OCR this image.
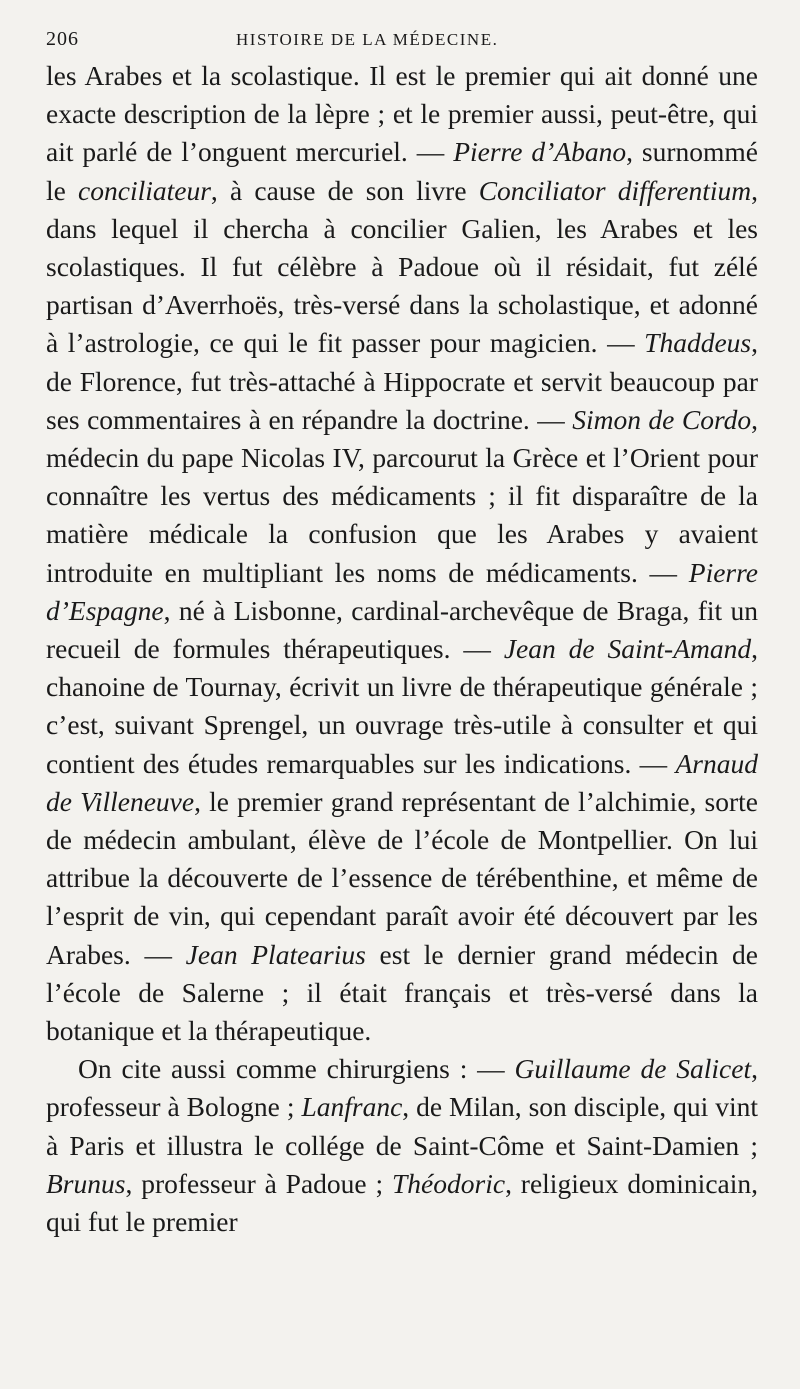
206	HISTOIRE DE LA MÉDECINE.

les Arabes et la scolastique. Il est le premier qui ait donné une exacte description de la lèpre ; et le premier aussi, peut-être, qui ait parlé de l’onguent mercuriel. — Pierre d’Abano, surnommé le conciliateur, à cause de son livre Conciliator differentium, dans lequel il chercha à concilier Galien, les Arabes et les scolastiques. Il fut célèbre à Padoue où il résidait, fut zélé partisan d’Averrhoës, très-versé dans la scholastique, et adonné à l’astrologie, ce qui le fit passer pour magicien. — Thaddeus, de Florence, fut très-attaché à Hippocrate et servit beaucoup par ses commentaires à en répandre la doctrine. — Simon de Cordo, médecin du pape Nicolas IV, parcourut la Grèce et l’Orient pour connaître les vertus des médicaments ; il fit disparaître de la matière médicale la confusion que les Arabes y avaient introduite en multipliant les noms de médicaments. — Pierre d’Espagne, né à Lisbonne, cardinal-archevêque de Braga, fit un recueil de formules thérapeutiques. — Jean de Saint-Amand, chanoine de Tournay, écrivit un livre de thérapeutique générale ; c’est, suivant Sprengel, un ouvrage très-utile à consulter et qui contient des études remarquables sur les indications. — Arnaud de Villeneuve, le premier grand représentant de l’alchimie, sorte de médecin ambulant, élève de l’école de Montpellier. On lui attribue la découverte de l’essence de térébenthine, et même de l’esprit de vin, qui cependant paraît avoir été découvert par les Arabes. — Jean Platearius est le dernier grand médecin de l’école de Salerne ; il était français et très-versé dans la botanique et la thérapeutique.

On cite aussi comme chirurgiens : — Guillaume de Salicet, professeur à Bologne ; Lanfranc, de Milan, son disciple, qui vint à Paris et illustra le collége de Saint-Côme et Saint-Damien ; Brunus, professeur à Padoue ; Théodoric, religieux dominicain, qui fut le premier
